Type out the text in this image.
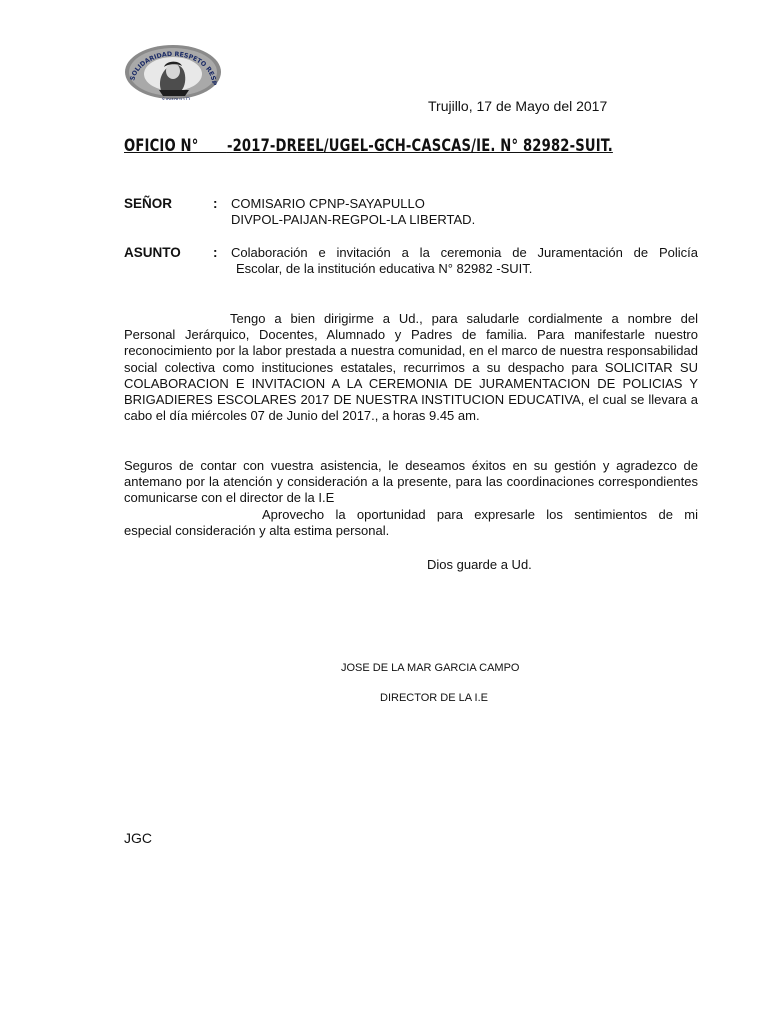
SOLIDARIDAD RESPETO RESP
O	Trujillo, 17 de Mayo del 2017
OFICIO N° -2017-DREEL/UGEL-GCH-CASCAS/IE. N° 82982-SUIT.
SEÑOR	: COMISARIO CPNP-SAYAPULLO
DIVPOL-PAIJAN-REGPOL-LA LIBERTAD.
ASUNTO : Colaboración e invitación a la ceremonia de Juramentación de Policía
Escolar, de la institución educativa N° 82982 -SUIT.
Tengo a bien dirigirme a Ud., para saludarle cordialmente a nombre del
Personal Jerárquico, Docentes, Alumnado y Padres de familia. Para manifestarle nuestro reconocimiento por la labor prestada a nuestra comunidad, en el marco de nuestra responsabilidad social colectiva como instituciones estatales, recurrimos a su despacho para SOLICITAR SU COLABORACION E INVITACION A LA CEREMONIA DE JURAMENTACION DE POLICIAS Y BRIGADIERES ESCOLARES 2017 DE NUESTRA INSTITUCION EDUCATIVA, el cual se llevara a cabo el día miércoles 07 de Junio del 2017., a horas 9.45 am.
Seguros de contar con vuestra asistencia, le deseamos éxitos en su gestión y agradezco de antemano por la atención y consideración a la presente, para las coordinaciones correspondientes comunicarse con el director de la I.E
Aprovecho la oportunidad para expresarle los sentimientos de mi
especial consideración y alta estima personal.
Dios guarde a Ud.
JOSE DE LA MAR GARCIA CAMPO
DIRECTOR DE LA I.E
JGC
